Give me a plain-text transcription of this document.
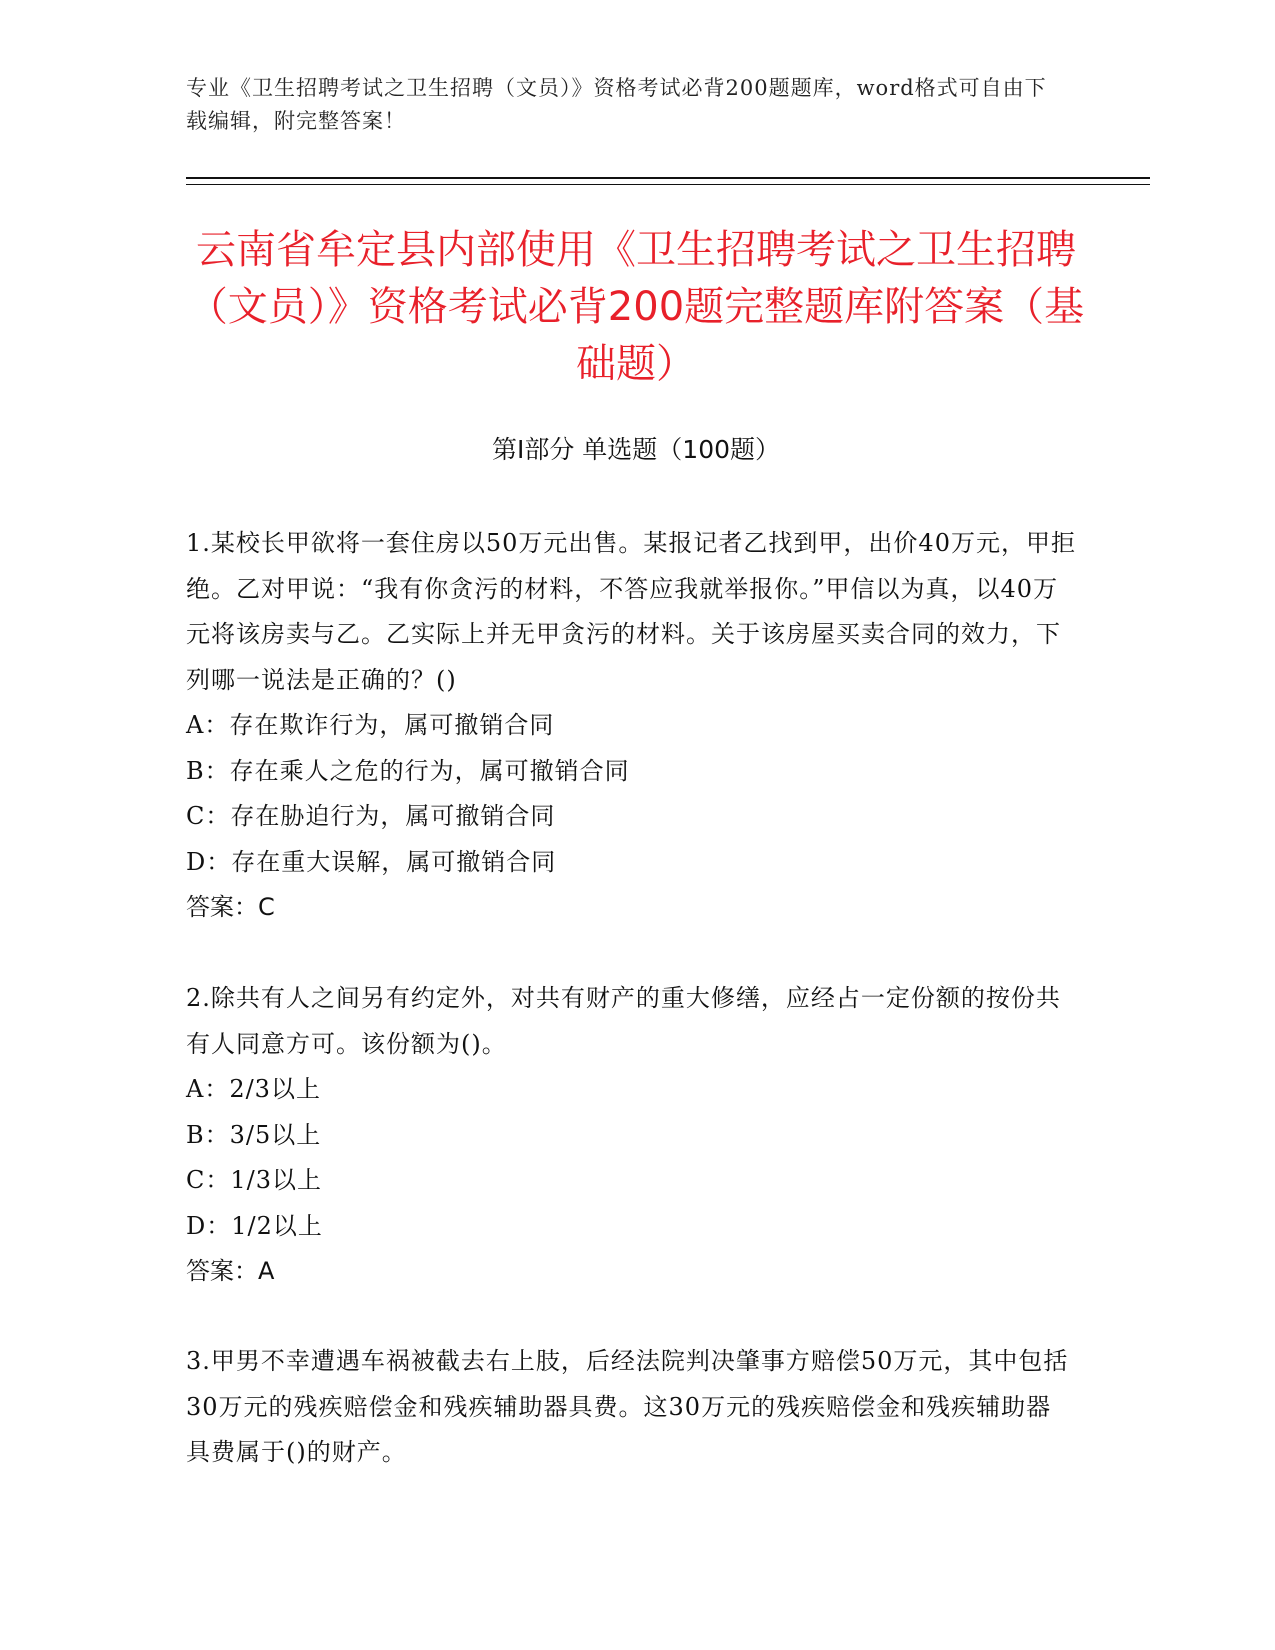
专业《卫生招聘考试之卫生招聘（文员）》资格考试必背200题题库，word格式可自由下载编辑，附完整答案！
云南省牟定县内部使用《卫生招聘考试之卫生招聘（文员）》资格考试必背200题完整题库附答案（基础题）
第Ⅰ部分 单选题（100题）

1.某校长甲欲将一套住房以50万元出售。某报记者乙找到甲，出价40万元，甲拒绝。乙对甲说：“我有你贪污的材料，不答应我就举报你。”甲信以为真，以40万元将该房卖与乙。乙实际上并无甲贪污的材料。关于该房屋买卖合同的效力，下列哪一说法是正确的？()

A：存在欺诈行为，属可撤销合同

B：存在乘人之危的行为，属可撤销合同

C：存在胁迫行为，属可撤销合同

D：存在重大误解，属可撤销合同

答案：C

2.除共有人之间另有约定外，对共有财产的重大修缮，应经占一定份额的按份共有人同意方可。该份额为()。

A：2/3以上

B：3/5以上

C：1/3以上

D：1/2以上

答案：A

3.甲男不幸遭遇车祸被截去右上肢，后经法院判决肇事方赔偿50万元，其中包括30万元的残疾赔偿金和残疾辅助器具费。这30万元的残疾赔偿金和残疾辅助器具费属于()的财产。
